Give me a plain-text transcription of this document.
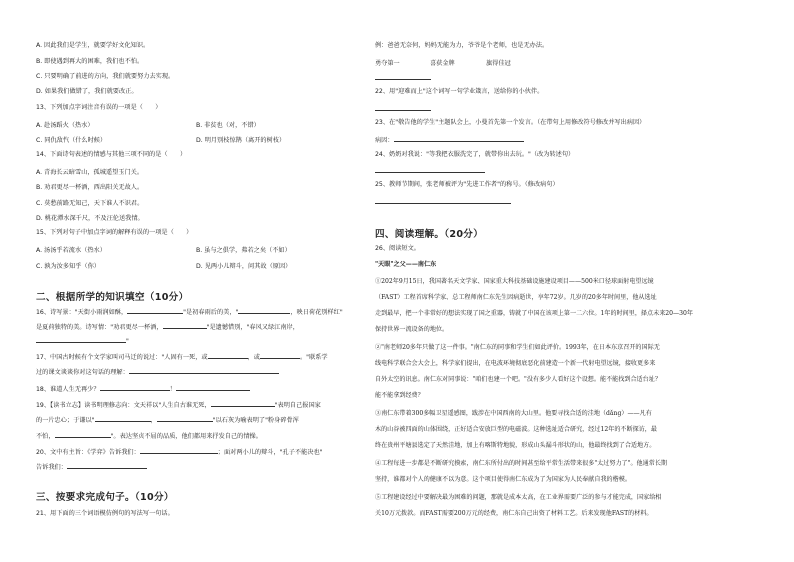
A. 因此我们是学生，就要学好文化知识。
B. 即使遇到再大的困难，我们也不怕。
C. 只要明确了前进的方向，我们就要努力去实现。
D. 如果我们做错了，我们就要改正。
13、下列加点字词注音有误的一项是（　　）
A. 赴汤蹈火（热水）	B. 非贫也（对，不错）
C. 同仇敌忾（什么时候）	D. 明月别枝惊鹊（离开的树枝）
14、下面诗句表述的情感与其他三项不同的是（　　）
A. 青海长云暗雪山，孤城遥望玉门关。
B. 劝君更尽一杯酒，西出阳关无故人。
C. 莫愁前路无知己，天下谁人不识君。
D. 桃花潭水深千尺，不及汪伦送我情。
15、下列对句子中加点字词的解释有误的一项是（　　）
A. 汤汤乎若流水（热水）	B. 虽与之俱学，弗若之矣（不如）
C. 孰为汝多知乎（你）	D. 见两小儿辩斗，问其故（原因）
二、根据所学的知识填空（10分）
16、诗写景："天街小雨润如酥，	"是初春雨后的美，"	，映日荷花别样红"
是夏荷独特的美。诗写情："劝君更尽一杯酒，	"是遗憾惜别，"春风又绿江南岸，
"
17、中国古时候有个文学家叫司马迁的说过："人固有一死，或	，或	。"联系学
过的课文谈谈你对这句话的理解：
18、谁道人生无再少？	！
19、【读书立志】读书明理修志向：文天祥以"人生自古谁无死，	"表明自己报国家
的一片忠心；于谦以"	，	"以石灰为喻表明了"粉身碎骨浑
不怕，	"。表达坚贞不屈的品质，他们都用来抒发自己的情操。
20、文中有主旨：《学弈》告诉我们：	；面对两小儿的辩斗，"孔子不能决也"
告诉我们：
三、按要求完成句子。（10分）
21、用下面的三个词语模仿例句的写法写一句话。
例：爸爸无奈何，妈妈无能为力，爷爷是个老师，也是无办法。
勇夺第一	喜获金牌	旗得佳冠
22、用"迎难而上"这个词写一句学业箴言，送给你的小伙伴。
23、在"敬告他的学生"主题队会上，小曼首先第一个发言。（在带句上用修改符号修改并写出病因）
病因：
24、奶奶对我说："等我把衣服洗完了，就带你出去玩。"（改为转述句）
25、教师节期间，张老师被评为"先进工作者"的称号。（修改病句）
四、阅读理解。（20分）
26、阅读短文。
"天眼"之父——南仁东
①202年9月15日，我国著名天文学家、国家重大科技基础设施建设项目——500米口径球面射电望远镜
（FAST）工程首席科学家、总工程师南仁东先生因病逝世，享年72岁。几岁的20多年时间里，他从选址
走到最早，把一个非常好的想法实现了国之重器，铸就了中国在该项上第一二六位。1年的时间里，择点未来20—30年
保持世界一流设备的地位。
②"南老师20多年只做了这一件事。"南仁东的同事和学生们如此评价。1993年，在日本东京召开的国际无
线电科学联合会大会上，科学家们提出，在电波环境彻底恶化前建造一个新一代射电望远镜，接收更多来
自外太空的讯息。南仁东对同事说："咱们也建一个吧。"没有多少人看好这个设想。能不能找到合适台址？
能不能拿到经费？
③南仁东带着300多幅卫星遥感图，跋涉在中国西南的大山里。他要寻找合适的洼地（dǎng）——凡有
木的山谷被四面的山体围绕，正好适合安放巨型的电磁波。这种选址适合研究，经过12年的不断探访，最
终在贵州平塘县选定了天然洼地，加上有喀斯特地貌，形成山头漏斗形状的山，他最终找到了合适地方。
④工程每进一步都是不断研究摸索，南仁东所付出的时间甚至给平常生活带来很多"太过努力了"。他通常长期
坚持，谁都对个人的健康不以为意。这个项目使得南仁东成为了为国家为人民奉献自我的楷模。
⑤工程建设经过中要解决最为困难的问题，那就是成本太高，在工业界需要广泛的参与才能完成，国家给相
关10万元拨款。而FAST需要200万元的经费，南仁东自己出资了材料工艺。后来发现他FAST的材料。
